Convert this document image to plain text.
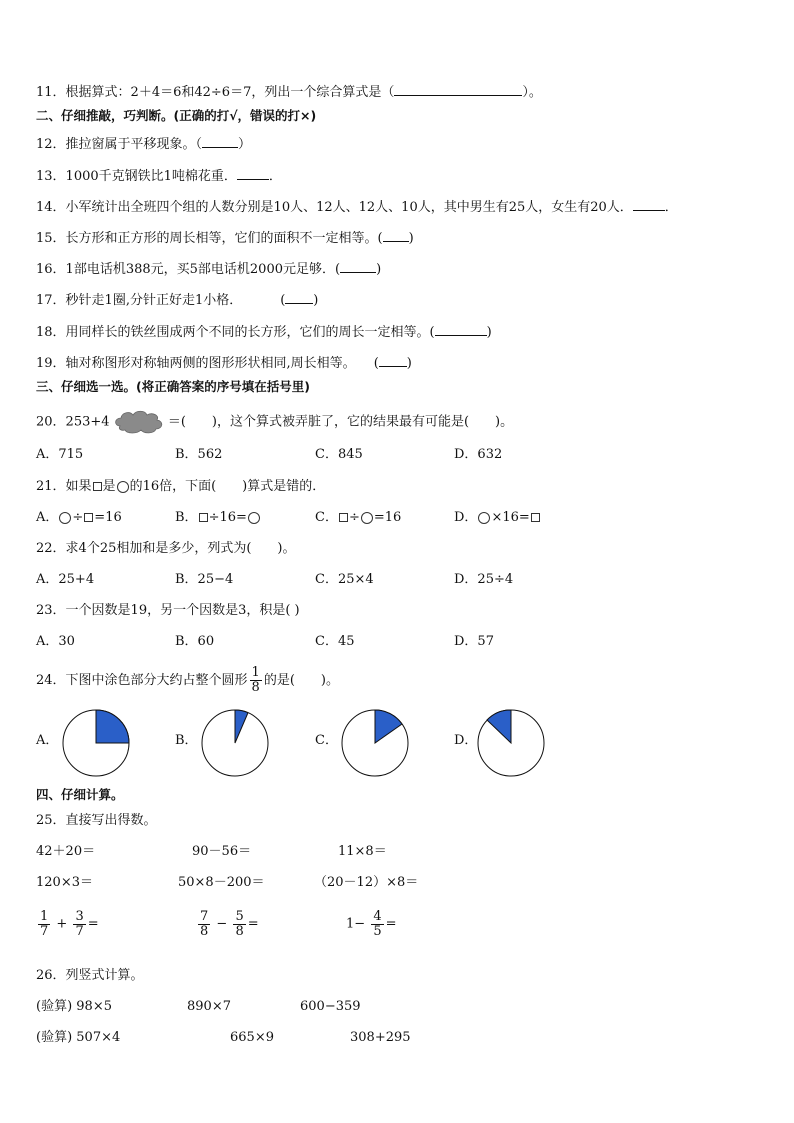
11．根据算式：2＋4＝6和42÷6＝7，列出一个综合算式是（	）。
二、仔细推敲，巧判断。(正确的打√，错误的打×)
12．推拉窗属于平移现象。（	）
13．1000千克钢铁比1吨棉花重． ．
14．小军统计出全班四个组的人数分别是10人、12人、12人、10人，其中男生有25人，女生有20人． ．
15．长方形和正方形的周长相等，它们的面积不一定相等。( )
16．1部电话机388元，买5部电话机2000元足够．(	)
17．秒针走1圈,分针正好走1小格．	( )
18．用同样长的铁丝围成两个不同的长方形，它们的周长一定相等。(	)
19．轴对称图形对称轴两侧的图形形状相同,周长相等。 ( )
三、仔细选一选。(将正确答案的序号填在括号里)
20．253+4	＝(　　)，这个算式被弄脏了，它的结果最有可能是(　　)。
A．715	B．562	C．845	D．632
21．如果 是 的16倍，下面(　　)算式是错的．
A． ÷ =16	B． ÷16=	C． ÷ =16	D． ×16=
22．求4个25相加和是多少，列式为(　　)。
A．25+4	B．25−4	C．25×4	D．25÷4
23．一个因数是19，另一个因数是3，积是( )
A．30	B．60	C．45	D．57
24．下图中涂色部分大约占整个圆形 $\frac{1}{8}$ 的是(　　)。
A．	B．	C．	D．
四、仔细计算。
25．直接写出得数。
42＋20＝	90－56＝	11×8＝
120×3＝	50×8－200＝	（20－12）×8＝
$\frac{1}{7} + \frac{3}{7}$ =	$\frac{7}{8} - \frac{5}{8}$ =	$1- \frac{4}{5}$ =
26．列竖式计算。
(验算) 98×5	890×7	600−359
(验算) 507×4	665×9	308+295
